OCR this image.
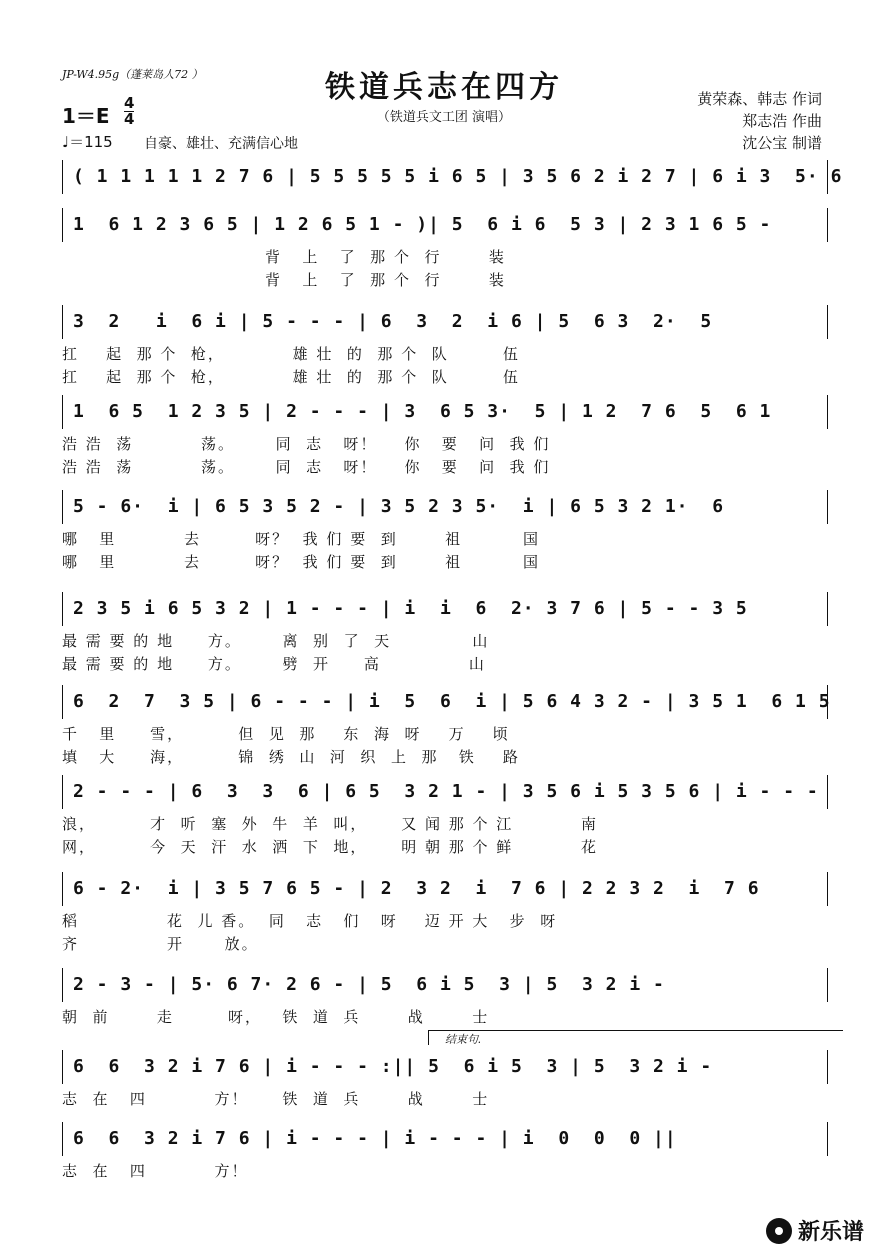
JP-W4.95g（蓬莱岛人72 ）	铁道兵志在四方
（铁道兵文工团 演唱）
1＝E
4
4
♩＝115 自豪、雄壮、充满信心地
黄荣森、韩志 作词
郑志浩 作曲
沈公宝 制谱
( 1 1 1 1 1 2 7 6 | 5 5 5 5 5 i 6 5 | 3 5 6 2 i 2 7 | 6 i 3  5· 6
1  6 1 2 3 6 5 | 1 2 6 5 1 - )| 5  6 i 6  5 3 | 2 3 1 6 5 -
背   上   了  那 个  行       装
背   上   了  那 个  行       装
3  2   i  6 i | 5 - - - | 6  3  2  i 6 | 5  6 3  2·  5
扛    起  那 个  枪，          雄 壮  的  那 个  队        伍
扛    起  那 个  枪，          雄 壮  的  那 个  队        伍
1  6 5  1 2 3 5 | 2 - - - | 3  6 5 3·  5 | 1 2  7 6  5  6 1
浩 浩  荡          荡。      同  志   呀！    你   要   问  我 们
浩 浩  荡          荡。      同  志   呀！    你   要   问  我 们
5 - 6·  i | 6 5 3 5 2 - | 3 5 2 3 5·  i | 6 5 3 2 1·  6
哪   里          去        呀？  我 们 要  到       祖         国
哪   里          去        呀？  我 们 要  到       祖         国
2 3 5 i 6 5 3 2 | 1 - - - | i  i  6  2· 3 7 6 | 5 - - 3 5
最 需 要 的 地     方。      离  别  了  天            山
最 需 要 的 地     方。      劈  开     高             山
6  2  7  3 5 | 6 - - - | i  5  6  i | 5 6 4 3 2 - | 3 5 1  6 1 5
千   里     雪，        但  见  那    东  海  呀    万    顷
填   大     海，        锦  绣  山  河  织  上  那   铁    路
2 - - - | 6  3  3  6 | 6 5  3 2 1 - | 3 5 6 i 5 3 5 6 | i - - -
浪，        才  听  塞  外  牛  羊  叫，     又 闻 那 个 江          南
网，        今  天  汗  水  洒  下  地，     明 朝 那 个 鲜          花
6 - 2·  i | 3 5 7 6 5 - | 2  3 2  i  7 6 | 2 2 3 2  i  7 6
稻             花  儿 香。  同   志   们   呀    迈 开 大   步  呀
齐             开      放。
2 - 3 - | 5· 6 7· 2 6 - | 5  6 i 5  3 | 5  3 2 i -
朝  前       走        呀，   铁  道  兵       战       士
6  6  3 2 i 7 6 | i - - - :|| 5  6 i 5  3 | 5  3 2 i -
志  在   四          方！     铁  道  兵       战       士
6  6  3 2 i 7 6 | i - - - | i - - - | i  0  0  0 ||
志  在   四          方！
结束句.
新乐谱
